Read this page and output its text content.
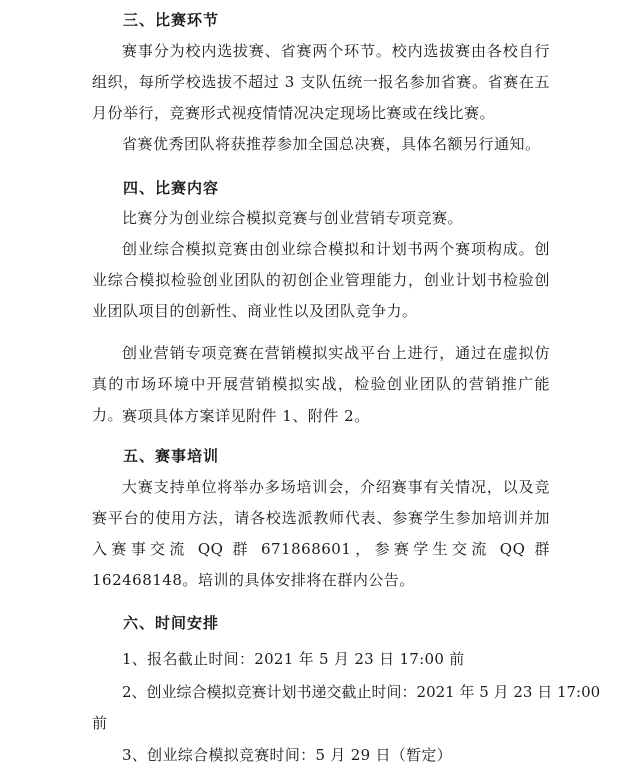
三、比赛环节
赛事分为校内选拔赛、省赛两个环节。校内选拔赛由各校自行组织，每所学校选拔不超过 3 支队伍统一报名参加省赛。省赛在五月份举行，竞赛形式视疫情情况决定现场比赛或在线比赛。
省赛优秀团队将获推荐参加全国总决赛，具体名额另行通知。
四、比赛内容
比赛分为创业综合模拟竞赛与创业营销专项竞赛。
创业综合模拟竞赛由创业综合模拟和计划书两个赛项构成。创业综合模拟检验创业团队的初创企业管理能力，创业计划书检验创业团队项目的创新性、商业性以及团队竞争力。
创业营销专项竞赛在营销模拟实战平台上进行，通过在虚拟仿真的市场环境中开展营销模拟实战，检验创业团队的营销推广能力。
赛项具体方案详见附件 1、附件 2。
五、赛事培训
大赛支持单位将举办多场培训会，介绍赛事有关情况，以及竞赛平台的使用方法，请各校选派教师代表、参赛学生参加培训并加入赛事交流 QQ 群 671868601，参赛学生交流 QQ 群 162468148。培训的具体安排将在群内公告。
六、时间安排
1、报名截止时间：2021 年 5 月 23 日 17:00 前
2、创业综合模拟竞赛计划书递交截止时间：2021 年 5 月 23 日 17:00
前
3、创业综合模拟竞赛时间：5 月 29 日（暂定）
